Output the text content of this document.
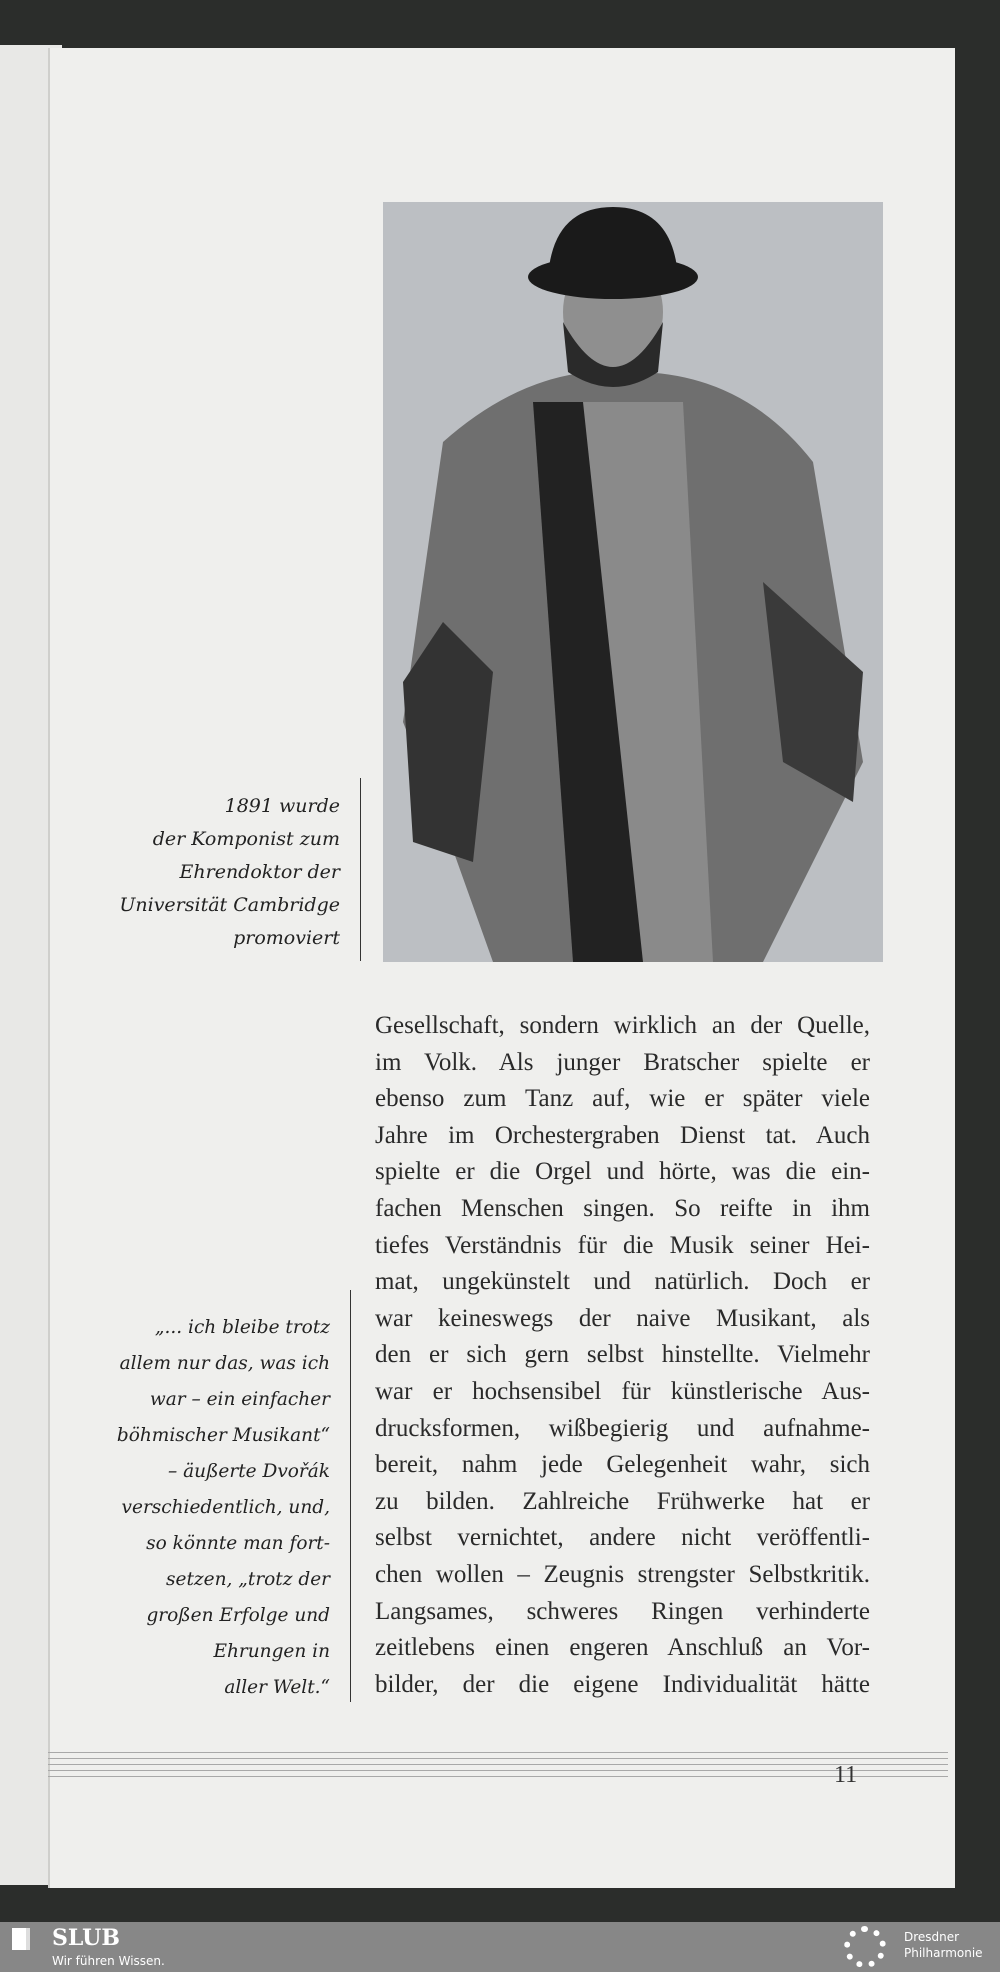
1891 wurde
der Komponist zum
Ehrendoktor der
Universität Cambridge
promoviert
„... ich bleibe trotz
allem nur das, was ich
war – ein einfacher
böhmischer Musikant“
– äußerte Dvořák
verschiedentlich, und,
so könnte man fort-
setzen, „trotz der
großen Erfolge und
Ehrungen in
aller Welt.“
Gesellschaft, sondern wirklich an der Quelle,
im Volk. Als junger Bratscher spielte er
ebenso zum Tanz auf, wie er später viele
Jahre im Orchestergraben Dienst tat. Auch
spielte er die Orgel und hörte, was die ein-
fachen Menschen singen. So reifte in ihm
tiefes Verständnis für die Musik seiner Hei-
mat, ungekünstelt und natürlich. Doch er
war keineswegs der naive Musikant, als
den er sich gern selbst hinstellte. Vielmehr
war er hochsensibel für künstlerische Aus-
drucksformen, wißbegierig und aufnahme-
bereit, nahm jede Gelegenheit wahr, sich
zu bilden. Zahlreiche Frühwerke hat er
selbst vernichtet, andere nicht veröffentli-
chen wollen – Zeugnis strengster Selbstkritik.
Langsames, schweres Ringen verhinderte
zeitlebens einen engeren Anschluß an Vor-
bilder, der die eigene Individualität hätte
11
SLUB
Wir führen Wissen.
Dresdner
Philharmonie
